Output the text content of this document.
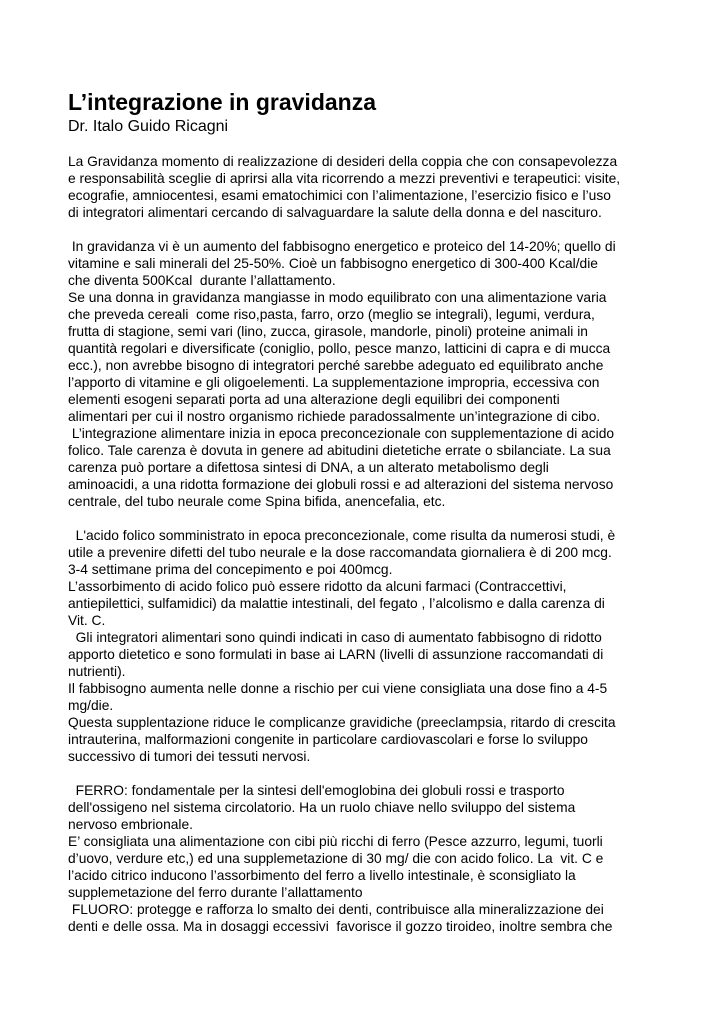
L’integrazione in gravidanza
Dr. Italo Guido Ricagni

La Gravidanza momento di realizzazione di desideri della coppia che con consapevolezza

e responsabilità sceglie di aprirsi alla vita ricorrendo a mezzi preventivi e terapeutici: visite,

ecografie, amniocentesi, esami ematochimici con l’alimentazione, l’esercizio fisico e l’uso

di integratori alimentari cercando di salvaguardare la salute della donna e del nascituro.

In gravidanza vi è un aumento del fabbisogno energetico e proteico del 14-20%; quello di

vitamine e sali minerali del 25-50%. Cioè un fabbisogno energetico di 300-400 Kcal/die

che diventa 500Kcal  durante l’allattamento.

Se una donna in gravidanza mangiasse in modo equilibrato con una alimentazione varia

che preveda cereali  come riso,pasta, farro, orzo (meglio se integrali), legumi, verdura,

frutta di stagione, semi vari (lino, zucca, girasole, mandorle, pinoli) proteine animali in

quantità regolari e diversificate (coniglio, pollo, pesce manzo, latticini di capra e di mucca

ecc.), non avrebbe bisogno di integratori perché sarebbe adeguato ed equilibrato anche

l’apporto di vitamine e gli oligoelementi. La supplementazione impropria, eccessiva con

elementi esogeni separati porta ad una alterazione degli equilibri dei componenti

alimentari per cui il nostro organismo richiede paradossalmente un’integrazione di cibo.

L’integrazione alimentare inizia in epoca preconcezionale con supplementazione di acido

folico. Tale carenza è dovuta in genere ad abitudini dietetiche errate o sbilanciate. La sua

carenza può portare a difettosa sintesi di DNA, a un alterato metabolismo degli

aminoacidi, a una ridotta formazione dei globuli rossi e ad alterazioni del sistema nervoso

centrale, del tubo neurale come Spina bifida, anencefalia, etc.

L'acido folico somministrato in epoca preconcezionale, come risulta da numerosi studi, è

utile a prevenire difetti del tubo neurale e la dose raccomandata giornaliera è di 200 mcg.

3-4 settimane prima del concepimento e poi 400mcg.

L’assorbimento di acido folico può essere ridotto da alcuni farmaci (Contraccettivi,

antiepilettici, sulfamidici) da malattie intestinali, del fegato , l’alcolismo e dalla carenza di

Vit. C.

Gli integratori alimentari sono quindi indicati in caso di aumentato fabbisogno di ridotto

apporto dietetico e sono formulati in base ai LARN (livelli di assunzione raccomandati di

nutrienti).

Il fabbisogno aumenta nelle donne a rischio per cui viene consigliata una dose fino a 4-5

mg/die.

Questa supplentazione riduce le complicanze gravidiche (preeclampsia, ritardo di crescita

intrauterina, malformazioni congenite in particolare cardiovascolari e forse lo sviluppo

successivo di tumori dei tessuti nervosi.

FERRO: fondamentale per la sintesi dell'emoglobina dei globuli rossi e trasporto

dell'ossigeno nel sistema circolatorio. Ha un ruolo chiave nello sviluppo del sistema

nervoso embrionale.

E’ consigliata una alimentazione con cibi più ricchi di ferro (Pesce azzurro, legumi, tuorli

d’uovo, verdure etc,) ed una supplemetazione di 30 mg/ die con acido folico. La  vit. C e

l’acido citrico inducono l’assorbimento del ferro a livello intestinale, è sconsigliato la

supplemetazione del ferro durante l’allattamento

FLUORO: protegge e rafforza lo smalto dei denti, contribuisce alla mineralizzazione dei

denti e delle ossa. Ma in dosaggi eccessivi  favorisce il gozzo tiroideo, inoltre sembra che
